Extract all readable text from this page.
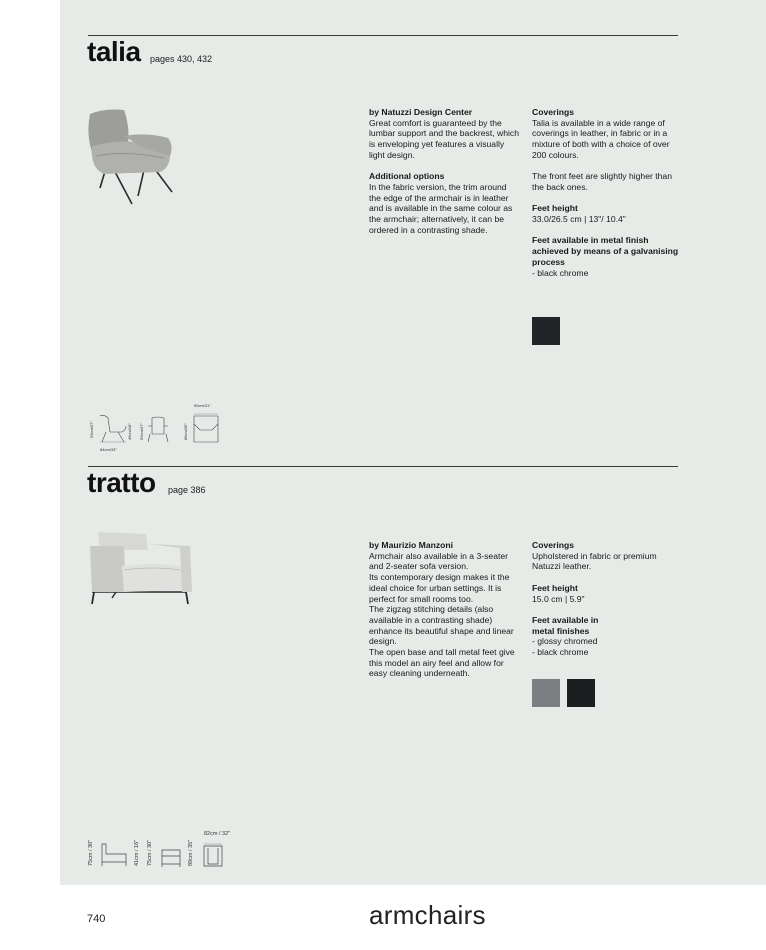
talia pages 430, 432

by Natuzzi Design Center
Great comfort is guaranteed by the lumbar support and the backrest, which is enveloping yet features a visually light design.

Additional options
In the fabric version, the trim around the edge of the armchair is in leather and is available in the same colour as the armchair; alternatively, it can be ordered in a contrasting shade.

Coverings
Talia is available in a wide range of coverings in leather, in fabric or in a mixture of both with a choice of over 200 colours.

The front feet are slightly higher than the back ones.

Feet height
33.0/26.5 cm | 13"/ 10.4"

Feet available in metal finish achieved by means of a galvanising process
- black chrome

90cm/31"
93cm/37"	46cm/18"
84cm/33"
93cm/37"	88cm/35"
tratto page 386

by Maurizio Manzoni
Armchair also available in a 3-seater and 2-seater sofa version.
Its contemporary design makes it the ideal choice for urban settings. It is perfect for small rooms too.
The zigzag stitching details (also available in a contrasting shade) enhance its beautiful shape and linear design.
The open base and tall metal feet give this model an airy feel and allow for easy cleaning underneath.

Coverings
Upholstered in fabric or premium Natuzzi leather.

Feet height
15.0 cm | 5.9"

Feet available in metal finishes
- glossy chromed
- black chrome

82cm / 32"
75cm / 30"	41cm / 16" 75cm / 30"	89cm / 35"
740	armchairs
